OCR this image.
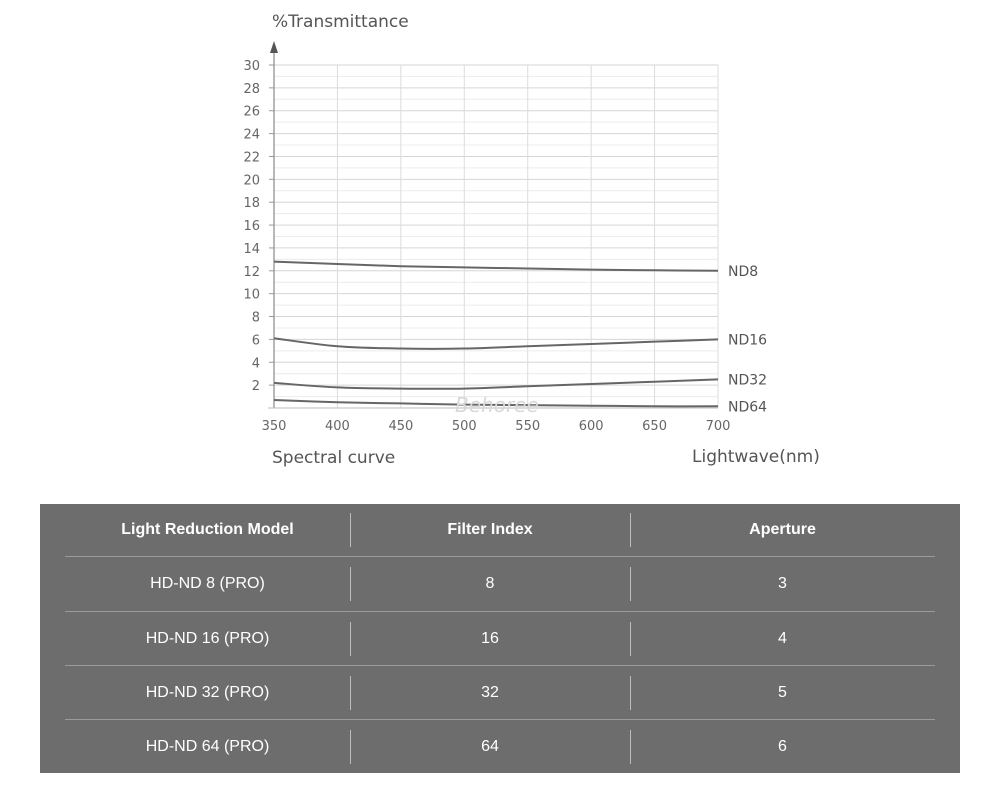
2
4
6
8
10
12
14
16
18
20
22
24
26
28
30
350	400	450	500	550	600	650	700
ND8
ND16
ND32
ND64
%Transmittance
Spectral curve	Lightwave(nm)
Behoree
Light Reduction Model	Filter Index	Aperture
HD-ND 8 (PRO)	8	3
HD-ND 16 (PRO)	16	4
HD-ND 32 (PRO)	32	5
HD-ND 64 (PRO)	64	6
